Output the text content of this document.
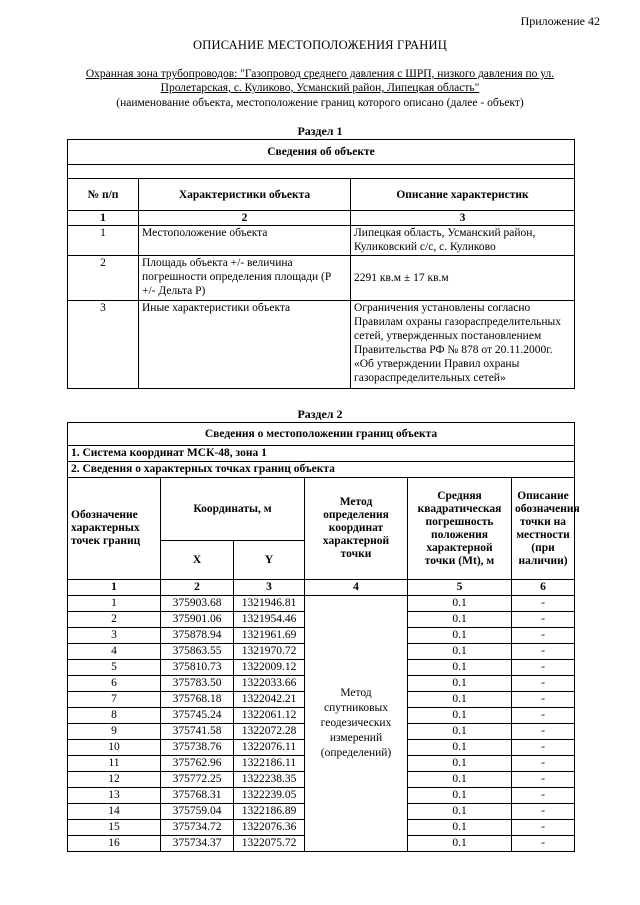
Приложение 42
ОПИСАНИЕ МЕСТОПОЛОЖЕНИЯ ГРАНИЦ
Охранная зона трубопроводов: "Газопровод среднего давления с ШРП, низкого давления по ул.
Пролетарская, с. Куликово, Усманский район, Липецкая область"
(наименование объекта, местоположение границ которого описано (далее - объект)
Раздел 1
Сведения об объекте		

№ п/п	Характеристики объекта	Описание характеристик
1	2	3
1	Местоположение объекта	Липецкая область, Усманский район, Куликовский с/с, с. Куликово
2	Площадь объекта +/- величина погрешности определения площади (Р +/- Дельта Р)	2291 кв.м ± 17 кв.м
3	Иные характеристики объекта	Ограничения установлены согласно Правилам охраны газораспределительных сетей, утвержденных постановлением Правительства РФ № 878 от 20.11.2000г. «Об утверждении Правил охраны газораспределительных сетей»
Раздел 2
Сведения о местоположении границ объекта					
1. Система координат МСК-48, зона 1					
2. Сведения о характерных точках границ объекта					
Обозначение характерных точек границ	Координаты, м		Метод определения координат характерной точки	Средняя квадратическая погрешность положения характерной точки (Мt), м	Описание обозначения точки на местности (при наличии)
	X	Y			
1	2	3	4	5	6
1	375903.68	1321946.81	Метод спутниковых геодезических измерений (определений)	0.1	-
2	375901.06	1321954.46		0.1	-
3	375878.94	1321961.69		0.1	-
4	375863.55	1321970.72		0.1	-
5	375810.73	1322009.12		0.1	-
6	375783.50	1322033.66		0.1	-
7	375768.18	1322042.21		0.1	-
8	375745.24	1322061.12		0.1	-
9	375741.58	1322072.28		0.1	-
10	375738.76	1322076.11		0.1	-
11	375762.96	1322186.11		0.1	-
12	375772.25	1322238.35		0.1	-
13	375768.31	1322239.05		0.1	-
14	375759.04	1322186.89		0.1	-
15	375734.72	1322076.36		0.1	-
16	375734.37	1322075.72		0.1	-
